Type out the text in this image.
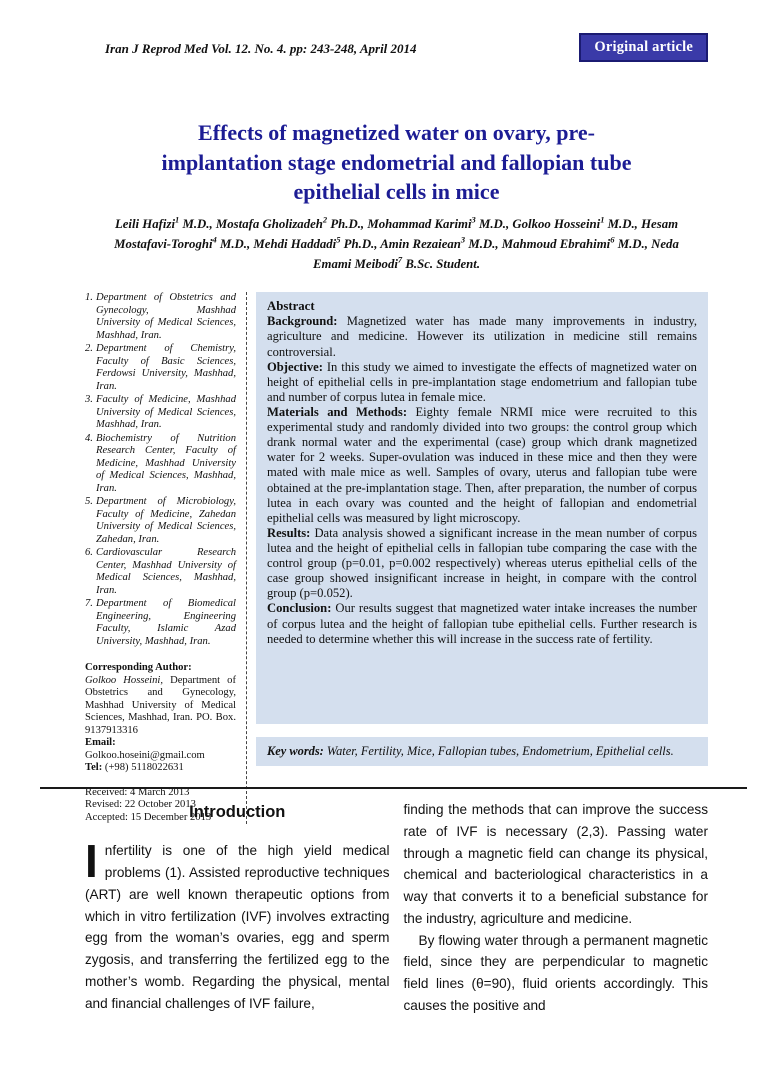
Iran J Reprod Med Vol. 12. No. 4. pp: 243-248, April 2014	Original article
Effects of magnetized water on ovary, pre-
implantation stage endometrial and fallopian tube
epithelial cells in mice
Leili Hafizi$^1$ M.D., Mostafa Gholizadeh$^2$ Ph.D., Mohammad Karimi$^3$ M.D., Golkoo Hosseini$^1$ M.D., Hesam Mostafavi-Toroghi$^4$ M.D., Mehdi Haddadi$^5$ Ph.D., Amin Rezaiean$^3$ M.D., Mahmoud Ebrahimi$^6$ M.D., Neda Emami Meibodi$^7$ B.Sc. Student.
Department of Obstetrics and Gynecology, Mashhad University of Medical Sciences, Mashhad, Iran.
Department of Chemistry, Faculty of Basic Sciences, Ferdowsi University, Mashhad, Iran.
Faculty of Medicine, Mashhad University of Medical Sciences, Mashhad, Iran.
Biochemistry of Nutrition Research Center, Faculty of Medicine, Mashhad University of Medical Sciences, Mashhad, Iran.
Department of Microbiology, Faculty of Medicine, Zahedan University of Medical Sciences, Zahedan, Iran.
Cardiovascular Research Center, Mashhad University of Medical Sciences, Mashhad, Iran.
Department of Biomedical Engineering, Engineering Faculty, Islamic Azad University, Mashhad, Iran.
Corresponding Author:
Golkoo Hosseini, Department of Obstetrics and Gynecology, Mashhad University of Medical Sciences, Mashhad, Iran. PO. Box. 9137913316
Email: Golkoo.hoseini@gmail.com
Tel: (+98) 5118022631
Received: 4 March 2013
Revised: 22 October 2013
Accepted: 15 December 2013
Abstract

Background: Magnetized water has made many improvements in industry, agriculture and medicine. However its utilization in medicine still remains controversial.

Objective: In this study we aimed to investigate the effects of magnetized water on height of epithelial cells in pre-implantation stage endometrium and fallopian tube and number of corpus lutea in female mice.

Materials and Methods: Eighty female NRMI mice were recruited to this experimental study and randomly divided into two groups: the control group which drank normal water and the experimental (case) group which drank magnetized water for 2 weeks. Super-ovulation was induced in these mice and then they were mated with male mice as well. Samples of ovary, uterus and fallopian tube were obtained at the pre-implantation stage. Then, after preparation, the number of corpus lutea in each ovary was counted and the height of fallopian and endometrial epithelial cells was measured by light microscopy.

Results: Data analysis showed a significant increase in the mean number of corpus lutea and the height of epithelial cells in fallopian tube comparing the case with the control group (p=0.01, p=0.002 respectively) whereas uterus epithelial cells of the case group showed insignificant increase in height, in compare with the control group (p=0.052).

Conclusion: Our results suggest that magnetized water intake increases the number of corpus lutea and the height of fallopian tube epithelial cells. Further research is needed to determine whether this will increase in the success rate of fertility.

Key words: Water, Fertility, Mice, Fallopian tubes, Endometrium, Epithelial cells.
Introduction

Infertility is one of the high yield medical problems (1). Assisted reproductive techniques (ART) are well known therapeutic options from which in vitro fertilization (IVF) involves extracting egg from the woman’s ovaries, egg and sperm zygosis, and transferring the fertilized egg to the mother’s womb. Regarding the physical, mental and financial challenges of IVF failure,

finding the methods that can improve the success rate of IVF is necessary (2,3). Passing water through a magnetic field can change its physical, chemical and bacteriological characteristics in a way that converts it to a beneficial substance for the industry, agriculture and medicine.

By flowing water through a permanent magnetic field, since they are perpendicular to magnetic field lines (θ=90), fluid orients accordingly. This causes the positive and
